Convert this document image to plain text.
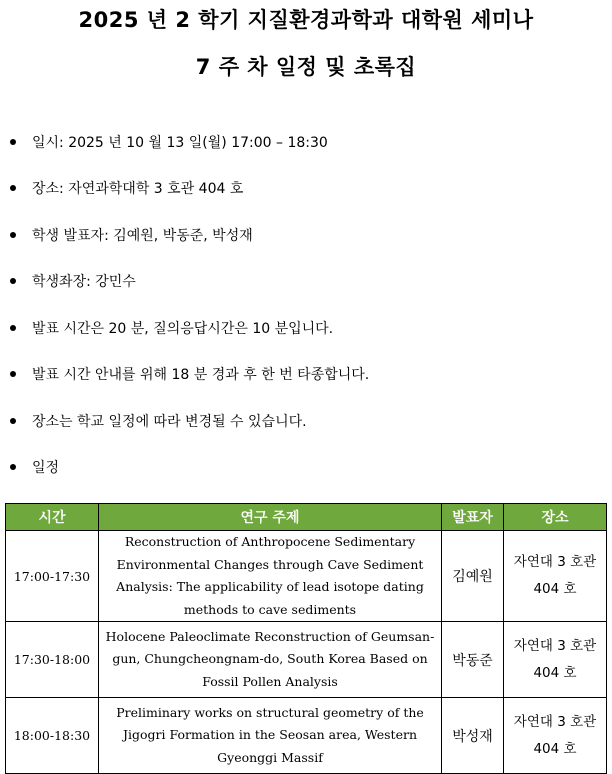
2025 년 2 학기 지질환경과학과 대학원 세미나
7 주 차 일정 및 초록집
일시: 2025 년 10 월 13 일(월) 17:00 – 18:30
장소: 자연과학대학 3 호관 404 호
학생 발표자: 김예원, 박동준, 박성재
학생좌장: 강민수
발표 시간은 20 분, 질의응답시간은 10 분입니다.
발표 시간 안내를 위해 18 분 경과 후 한 번 타종합니다.
장소는 학교 일정에 따라 변경될 수 있습니다.
일정
시간	연구 주제	발표자	장소
17:00-17:30	Reconstruction of Anthropocene Sedimentary Environmental Changes through Cave Sediment Analysis: The applicability of lead isotope dating methods to cave sediments	김예원	자연대 3 호관
404 호
17:30-18:00	Holocene Paleoclimate Reconstruction of Geumsan-gun, Chungcheongnam-do, South Korea Based on Fossil Pollen Analysis	박동준	자연대 3 호관
404 호
18:00-18:30	Preliminary works on structural geometry of the Jigogri Formation in the Seosan area, Western Gyeonggi Massif	박성재	자연대 3 호관
404 호
